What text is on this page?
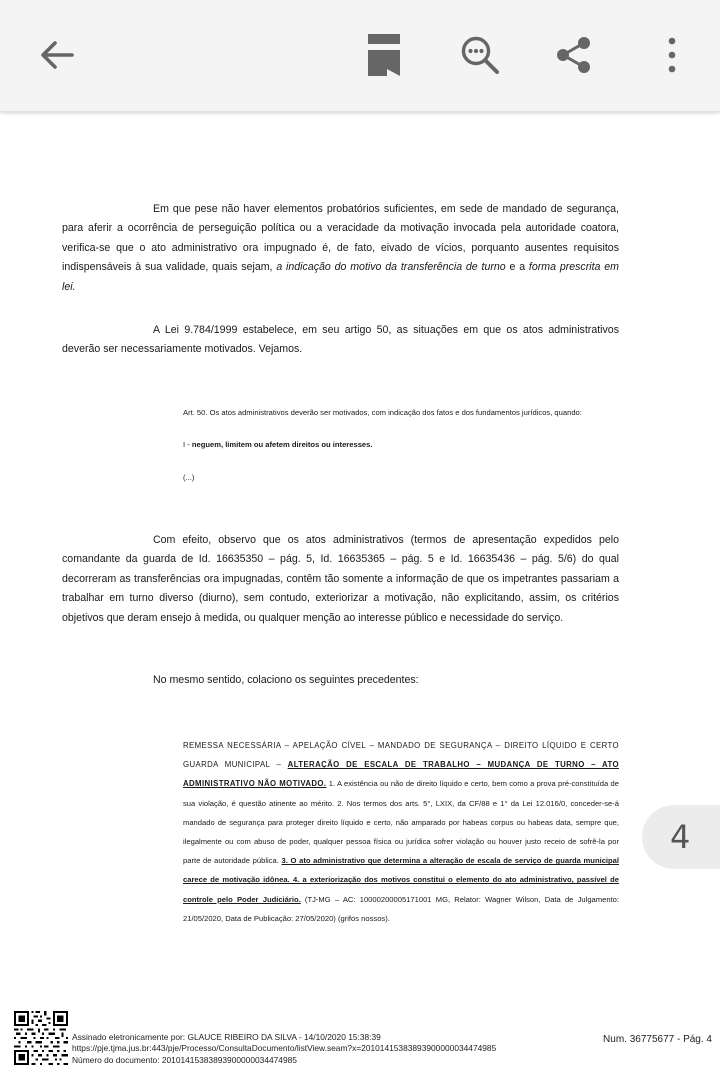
Em que pese não haver elementos probatórios suficientes, em sede de mandado de segurança, para aferir a ocorrência de perseguição política ou a veracidade da motivação invocada pela autoridade coatora, verifica-se que o ato administrativo ora impugnado é, de fato, eivado de vícios, porquanto ausentes requisitos indispensáveis à sua validade, quais sejam, a indicação do motivo da transferência de turno e a forma prescrita em lei.

A Lei 9.784/1999 estabelece, em seu artigo 50, as situações em que os atos administrativos deverão ser necessariamente motivados. Vejamos.

Art. 50. Os atos administrativos deverão ser motivados, com indicação dos fatos e dos fundamentos jurídicos, quando:

I - neguem, limitem ou afetem direitos ou interesses.

(...)

Com efeito, observo que os atos administrativos (termos de apresentação expedidos pelo comandante da guarda de Id. 16635350 – pág. 5, Id. 16635365 – pág. 5 e Id. 16635436 – pág. 5/6) do qual decorreram as transferências ora impugnadas, contêm tão somente a informação de que os impetrantes passariam a trabalhar em turno diverso (diurno), sem contudo, exteriorizar a motivação, não explicitando, assim, os critérios objetivos que deram ensejo à medida, ou qualquer menção ao interesse público e necessidade do serviço.

No mesmo sentido, colaciono os seguintes precedentes:

REMESSA NECESSÁRIA – APELAÇÃO CÍVEL – MANDADO DE SEGURANÇA – DIREITO LÍQUIDO E CERTO GUARDA MUNICIPAL – ALTERAÇÃO DE ESCALA DE TRABALHO – MUDANÇA DE TURNO – ATO ADMINISTRATIVO NÃO MOTIVADO. 1. A existência ou não de direito líquido e certo, bem como a prova pré-constituída de sua violação, é questão atinente ao mérito. 2. Nos termos dos arts. 5°, LXIX, da CF/88 e 1° da Lei 12.016/0, conceder-se-á mandado de segurança para proteger direito líquido e certo, não amparado por habeas corpus ou habeas data, sempre que, ilegalmente ou com abuso de poder, qualquer pessoa física ou jurídica sofrer violação ou houver justo receio de sofrê-la por parte de autoridade pública. 3. O ato administrativo que determina a alteração de escala de serviço de guarda municipal carece de motivação idônea. 4. a exteriorização dos motivos constitui o elemento do ato administrativo, passível de controle pelo Poder Judiciário. (TJ-MG – AC: 10000200005171001 MG, Relator: Wagner Wilson, Data de Julgamento: 21/05/2020, Data de Publicação: 27/05/2020) (grifos nossos).

Assinado eletronicamente por: GLAUCE RIBEIRO DA SILVA - 14/10/2020 15:38:39
https://pje.tjma.jus.br:443/pje/Processo/ConsultaDocumento/listView.seam?x=20101415383893900000034474985
Número do documento: 20101415383893900000034474985
Num. 36775677 - Pág. 4
4
